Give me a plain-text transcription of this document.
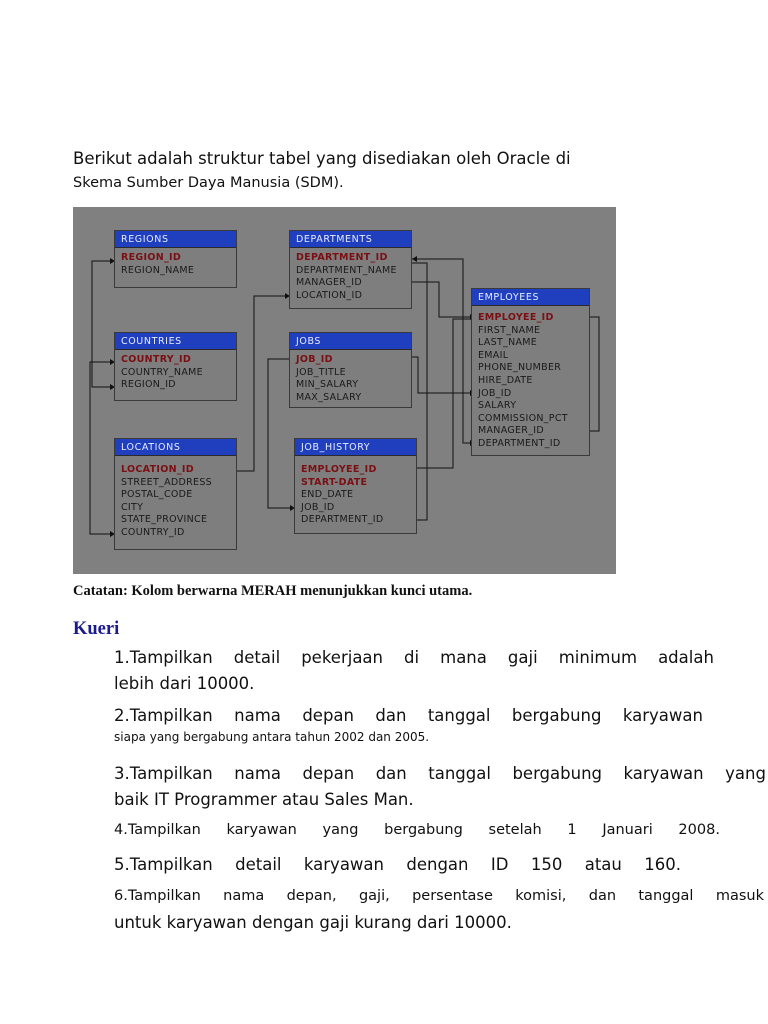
Berikut adalah struktur tabel yang disediakan oleh Oracle di
Skema Sumber Daya Manusia (SDM).
REGIONS
REGION_ID
REGION_NAME
COUNTRIES
COUNTRY_ID
COUNTRY_NAME
REGION_ID
LOCATIONS
LOCATION_ID
STREET_ADDRESS
POSTAL_CODE
CITY
STATE_PROVINCE
COUNTRY_ID
DEPARTMENTS
DEPARTMENT_ID
DEPARTMENT_NAME
MANAGER_ID
LOCATION_ID
JOBS
JOB_ID
JOB_TITLE
MIN_SALARY
MAX_SALARY
JOB_HISTORY
EMPLOYEE_ID
START-DATE
END_DATE
JOB_ID
DEPARTMENT_ID
EMPLOYEES
EMPLOYEE_ID
FIRST_NAME
LAST_NAME
EMAIL
PHONE_NUMBER
HIRE_DATE
JOB_ID
SALARY
COMMISSION_PCT
MANAGER_ID
DEPARTMENT_ID
Catatan: Kolom berwarna MERAH menunjukkan kunci utama.
Kueri
1.Tampilkan detail pekerjaan di mana gaji minimum adalah
lebih dari 10000.
2.Tampilkan nama depan dan tanggal bergabung karyawan
siapa yang bergabung antara tahun 2002 dan 2005.
3.Tampilkan nama depan dan tanggal bergabung karyawan yang
baik IT Programmer atau Sales Man.
4.Tampilkan karyawan yang bergabung setelah 1 Januari 2008.
5.Tampilkan detail karyawan dengan ID 150 atau 160.
6.Tampilkan nama depan, gaji, persentase komisi, dan tanggal masuk
untuk karyawan dengan gaji kurang dari 10000.
